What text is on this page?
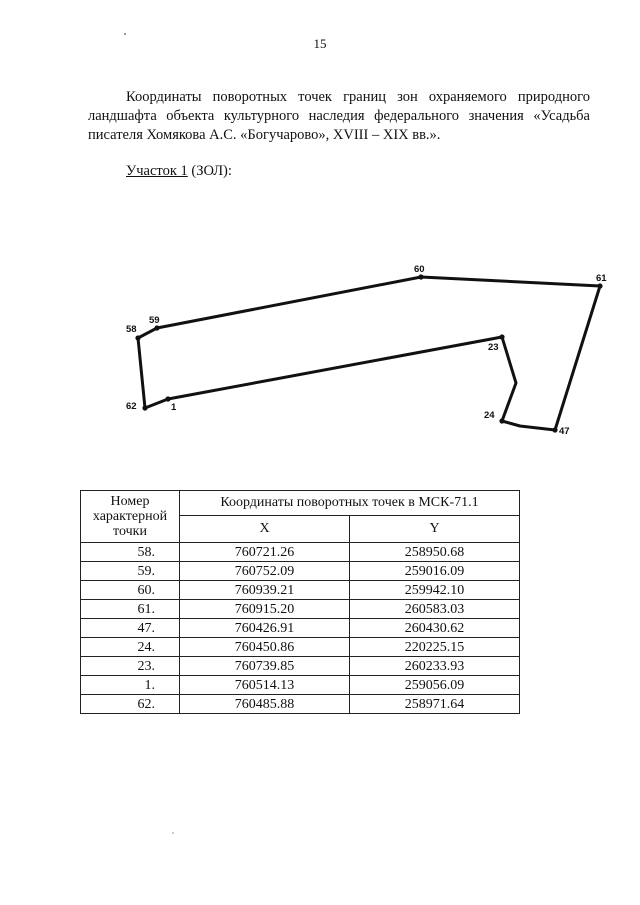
15
Координаты поворотных точек границ зон охраняемого природного ландшафта объекта культурного наследия федерального значения «Усадьба писателя Хомякова А.С. «Богучарово», XVIII – XIX вв.».
Участок 1 (ЗОЛ):
58
59
60
61
47
24
23
1
62
Номер характерной точки	Координаты поворотных точек в МСК-71.1	
	X	Y
58.	760721.26	258950.68
59.	760752.09	259016.09
60.	760939.21	259942.10
61.	760915.20	260583.03
47.	760426.91	260430.62
24.	760450.86	220225.15
23.	760739.85	260233.93
1.	760514.13	259056.09
62.	760485.88	258971.64
